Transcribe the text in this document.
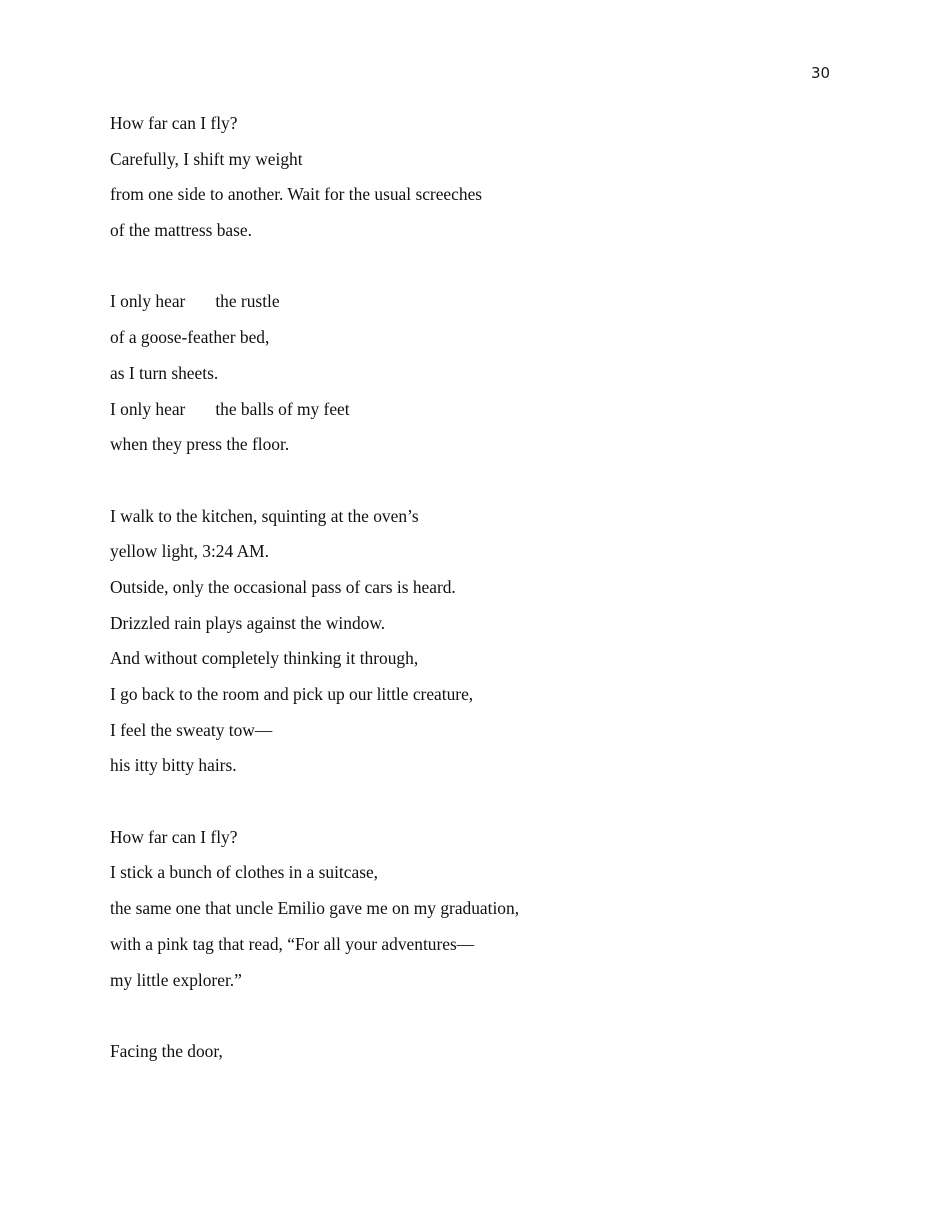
30
How far can I fly?
Carefully, I shift my weight
from one side to another. Wait for the usual screeches
of the mattress base.
I only hear the rustle
of a goose-feather bed,
as I turn sheets.
I only hear the balls of my feet
when they press the floor.
I walk to the kitchen, squinting at the oven’s
yellow light, 3:24 AM.
Outside, only the occasional pass of cars is heard.
Drizzled rain plays against the window.
And without completely thinking it through,
I go back to the room and pick up our little creature,
I feel the sweaty tow—
his itty bitty hairs.
How far can I fly?
I stick a bunch of clothes in a suitcase,
the same one that uncle Emilio gave me on my graduation,
with a pink tag that read, “For all your adventures—
my little explorer.”
Facing the door,
